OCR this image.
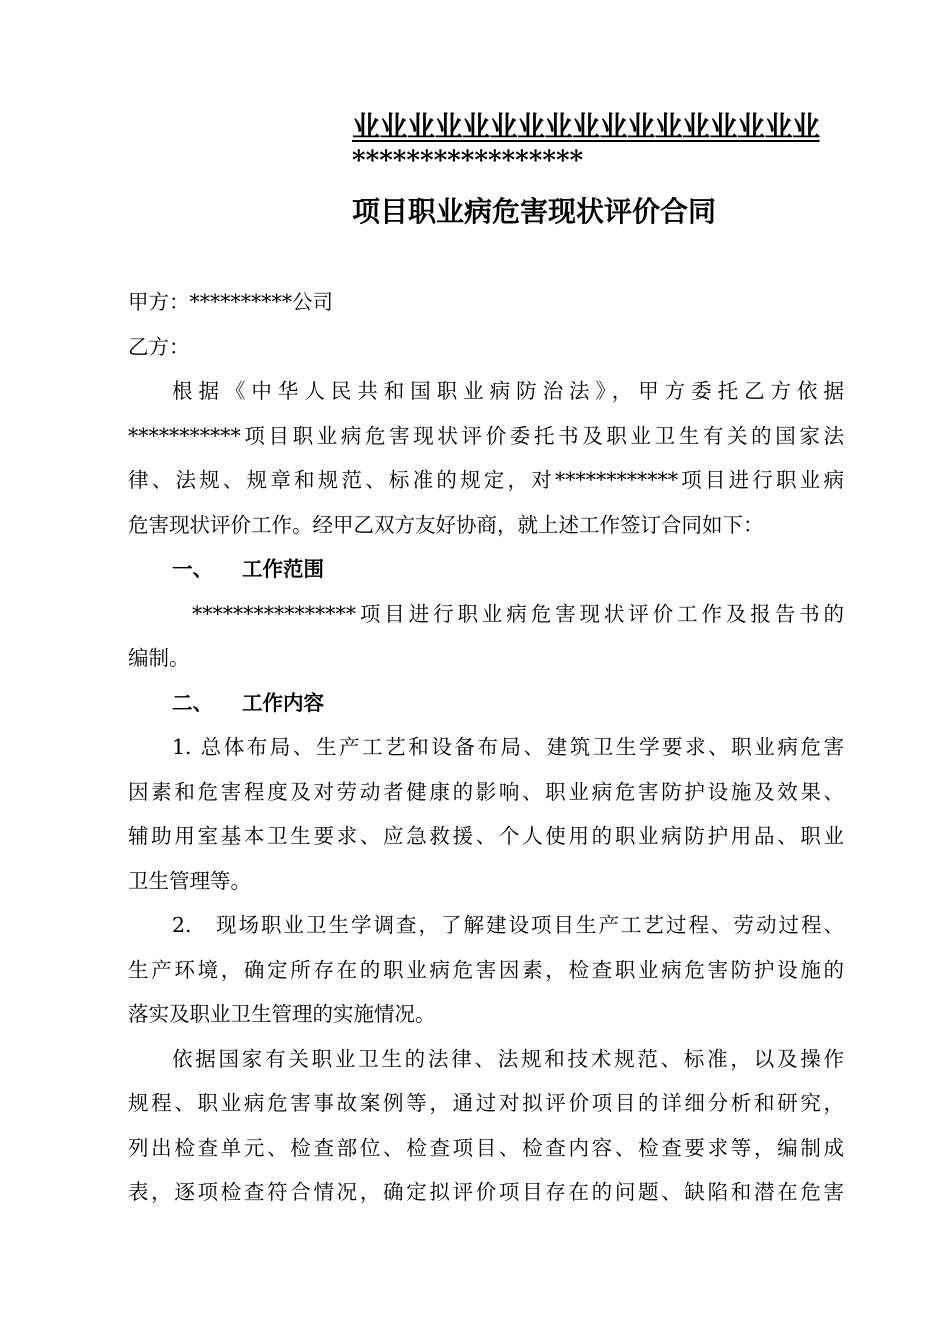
业业业业业业业业业业业业业业业业业
*****************
项目职业病危害现状评价合同
甲方：**********公司
乙方：
根据《中华人民共和国职业病防治法》，甲方委托乙方依据
***********项目职业病危害现状评价委托书及职业卫生有关的国家法
律、法规、规章和规范、标准的规定，对************项目进行职业病
危害现状评价工作。经甲乙双方友好协商，就上述工作签订合同如下：
一、 工作范围
****************项目进行职业病危害现状评价工作及报告书的
编制。
二、 工作内容
1. 总体布局、生产工艺和设备布局、建筑卫生学要求、职业病危害
因素和危害程度及对劳动者健康的影响、职业病危害防护设施及效果、
辅助用室基本卫生要求、应急救援、个人使用的职业病防护用品、职业
卫生管理等。
2.　现场职业卫生学调查，了解建设项目生产工艺过程、劳动过程、
生产环境，确定所存在的职业病危害因素，检查职业病危害防护设施的
落实及职业卫生管理的实施情况。
依据国家有关职业卫生的法律、法规和技术规范、标准，以及操作
规程、职业病危害事故案例等，通过对拟评价项目的详细分析和研究，
列出检查单元、检查部位、检查项目、检查内容、检查要求等，编制成
表，逐项检查符合情况，确定拟评价项目存在的问题、缺陷和潜在危害
